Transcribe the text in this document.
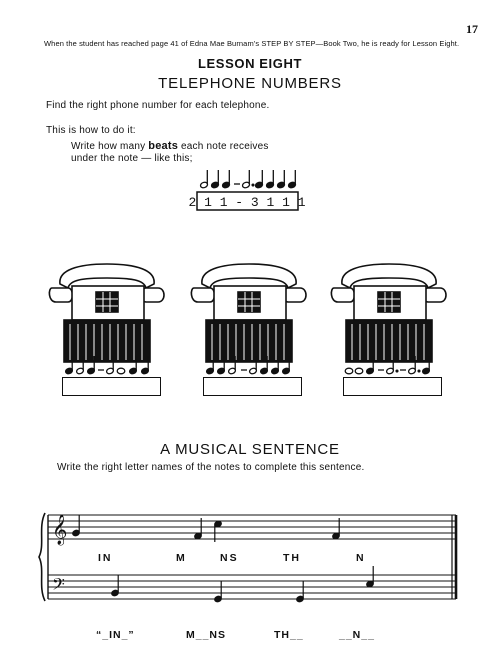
17
When the student has reached page 41 of Edna Mae Burnam's STEP BY STEP—Book Two, he is ready for Lesson Eight.
LESSON EIGHT
TELEPHONE NUMBERS
Find the right phone number for each telephone.
This is how to do it:
Write how many beats each note receives under the note — like this;
2 1 1 - 3 1 1 1
A MUSICAL SENTENCE
Write the right letter names of the notes to complete this sentence.
𝄞
𝄢
IN	M	NS	TH	N
“_IN_”	M__NS	TH__	__N__
